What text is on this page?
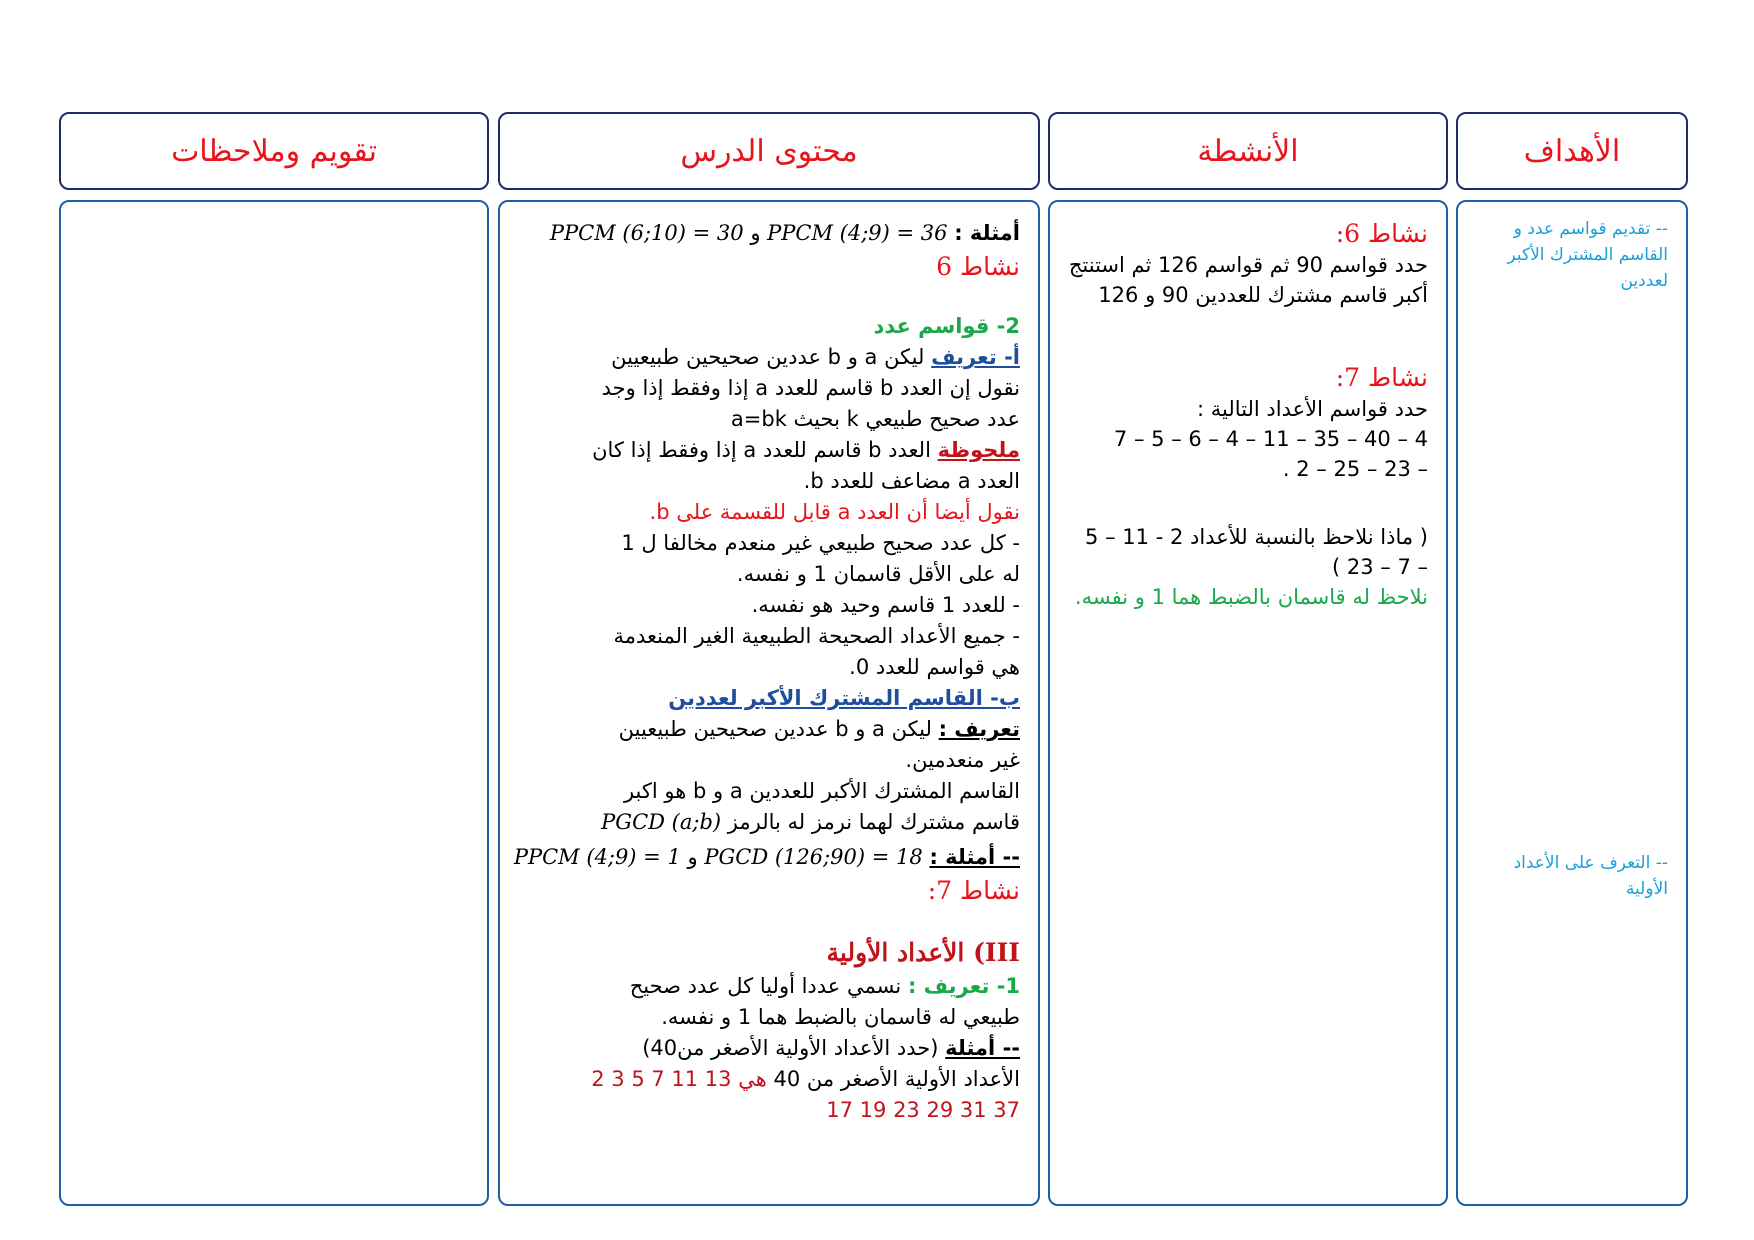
الأهداف
الأنشطة
محتوى الدرس
تقويم وملاحظات

-- تقديم قواسم عدد و القاسم المشترك الأكبر لعددين

-- التعرف على الأعداد الأولية

نشاط 6:

حدد قواسم 90 ثم قواسم 126 ثم استنتج أكبر قاسم مشترك للعددين 90 و 126

نشاط 7:

حدد قواسم الأعداد التالية :

4 – 40 – 35 – 11 – 4 – 6 – 5 – 7

– 23 – 25 – 2 .

( ماذا نلاحظ بالنسبة للأعداد 2 - 11 – 5 – 7 – 23 )

نلاحظ له قاسمان بالضبط هما 1 و نفسه.

أمثلة : PPCM (4;9) = 36 و PPCM (6;10) = 30

نشاط 6

2- قواسم عدد

أ- تعريف ليكن a و b عددين صحيحين طبيعيين

نقول إن العدد b قاسم للعدد a إذا وفقط إذا وجد

عدد صحيح طبيعي k بحيث a=bk

ملحوظة العدد b قاسم للعدد a إذا وفقط إذا كان

العدد a مضاعف للعدد b.

نقول أيضا أن العدد a قابل للقسمة على b.

- كل عدد صحيح طبيعي غير منعدم مخالفا ل 1

له على الأقل قاسمان 1 و نفسه.

- للعدد 1 قاسم وحيد هو نفسه.

- جميع الأعداد الصحيحة الطبيعية الغير المنعدمة

هي قواسم للعدد 0.

ب- القاسم المشترك الأكبر لعددين

تعريف : ليكن a و b عددين صحيحين طبيعيين

غير منعدمين.

القاسم المشترك الأكبر للعددين a و b هو اكبر

قاسم مشترك لهما نرمز له بالرمز PGCD (a;b)

-- أمثلة : PGCD (126;90) = 18 و PPCM (4;9) = 1

نشاط 7:

III) الأعداد الأولية

1- تعريف : نسمي عددا أوليا كل عدد صحيح

طبيعي له قاسمان بالضبط هما 1 و نفسه.

-- أمثلة (حدد الأعداد الأولية الأصغر من40)

الأعداد الأولية الأصغر من 40 هي 2 3 5 7 11 13

17 19 23 29 31 37
